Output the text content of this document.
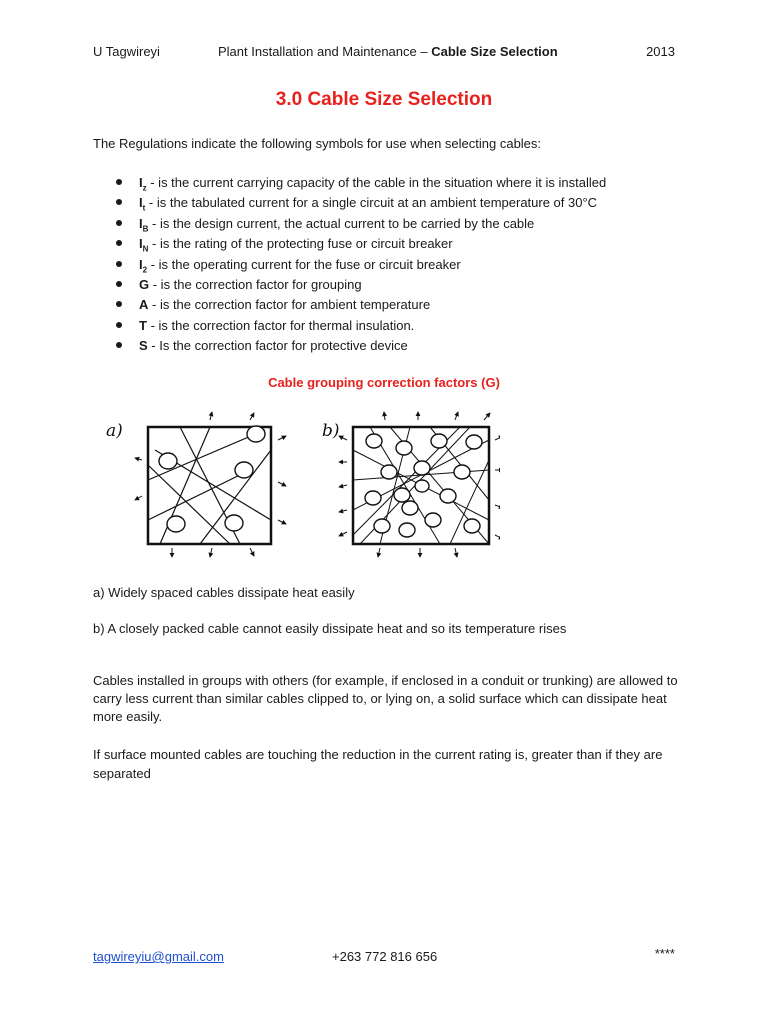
U Tagwireyi	Plant Installation and Maintenance – Cable Size Selection	2013
3.0 Cable Size Selection
The Regulations indicate the following symbols for use when selecting cables:
$I_z$ - is the current carrying capacity of the cable in the situation where it is installed
$I_t$ - is the tabulated current for a single circuit at an ambient temperature of 30°C
$I_B$ - is the design current, the actual current to be carried by the cable
$I_N$ - is the rating of the protecting fuse or circuit breaker
$I_2$ - is the operating current for the fuse or circuit breaker
G - is the correction factor for grouping
A - is the correction factor for ambient temperature
T - is the correction factor for thermal insulation.
S - Is the correction factor for protective device
Cable grouping correction factors (G)
a)	b)
a) Widely spaced cables dissipate heat easily
b) A closely packed cable cannot easily dissipate heat and so its temperature rises
Cables installed in groups with others (for example, if enclosed in a conduit or trunking) are allowed to carry less current than similar cables clipped to, or lying on, a solid surface which can dissipate heat more easily.
If surface mounted cables are touching the reduction in the current rating is, greater than if they are separated
tagwireyiu@gmail.com	+263 772 816 656	****
